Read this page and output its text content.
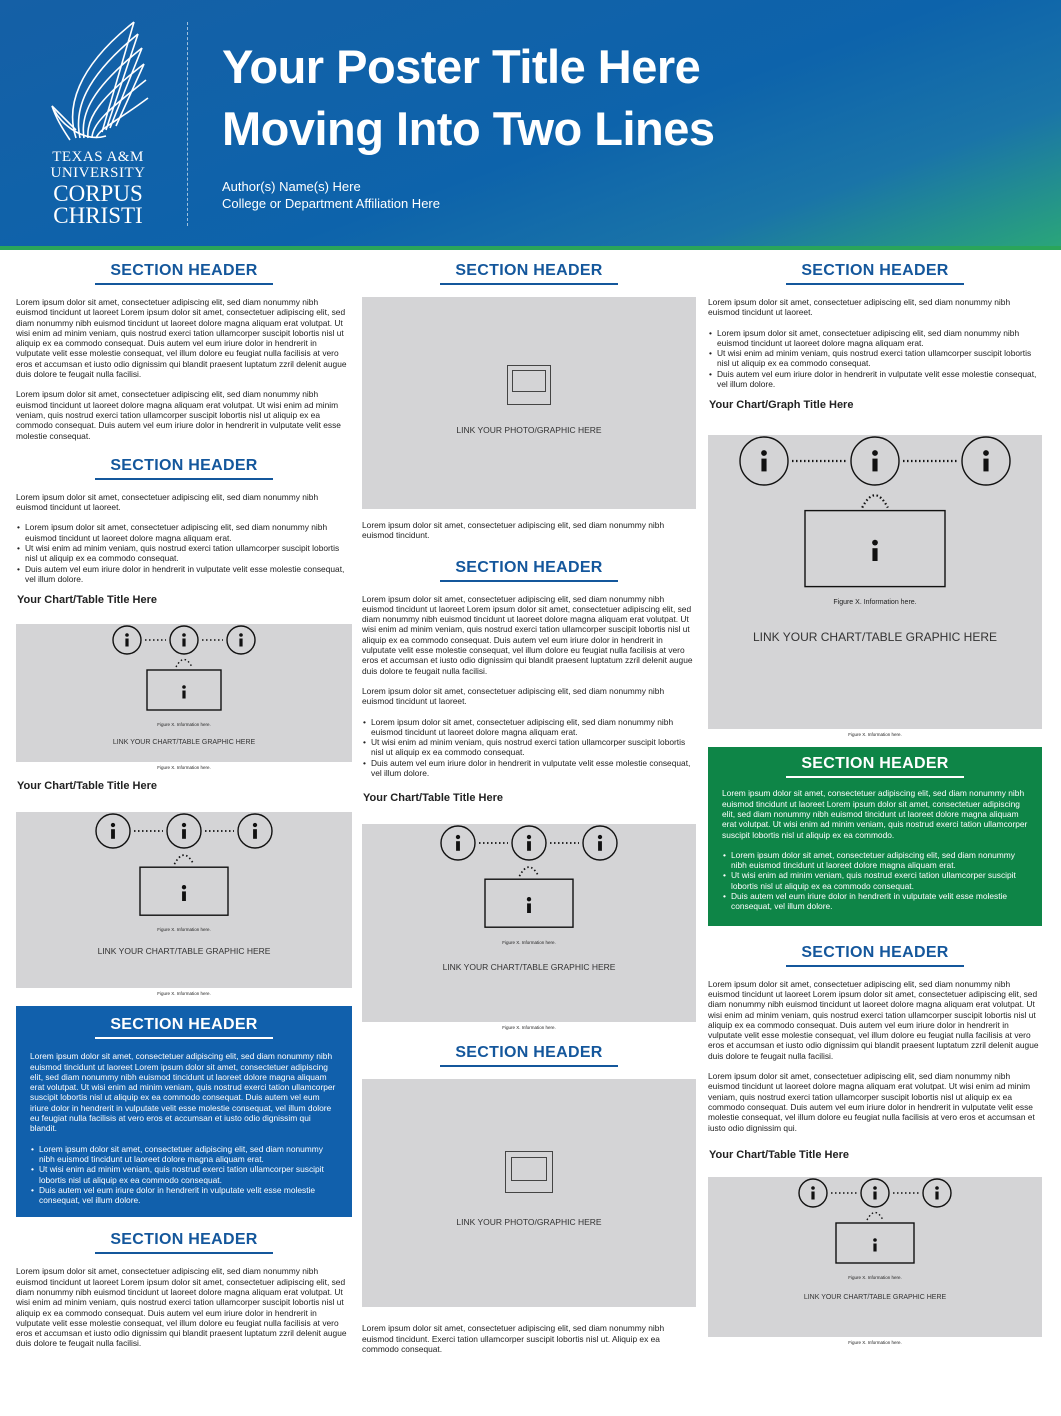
TEXAS A&M
UNIVERSITY
CORPUS
CHRISTI
Your Poster Title Here
Moving Into Two Lines
Author(s) Name(s) Here
College or Department Affiliation Here
SECTION HEADER
Lorem ipsum dolor sit amet, consectetuer adipiscing elit, sed diam nonummy nibh euismod tincidunt ut laoreet Lorem ipsum dolor sit amet, consectetuer adipiscing elit, sed diam nonummy nibh euismod tincidunt ut laoreet dolore magna aliquam erat volutpat. Ut wisi enim ad minim veniam, quis nostrud exerci tation ullamcorper suscipit lobortis nisl ut aliquip ex ea commodo consequat. Duis autem vel eum iriure dolor in hendrerit in vulputate velit esse molestie consequat, vel illum dolore eu feugiat nulla facilisis at vero eros et accumsan et iusto odio dignissim qui blandit praesent luptatum zzril delenit augue duis dolore te feugait nulla facilisi.
Lorem ipsum dolor sit amet, consectetuer adipiscing elit, sed diam nonummy nibh euismod tincidunt ut laoreet dolore magna aliquam erat volutpat. Ut wisi enim ad minim veniam, quis nostrud exerci tation ullamcorper suscipit lobortis nisl ut aliquip ex ea commodo consequat. Duis autem vel eum iriure dolor in hendrerit in vulputate velit esse molestie consequat.
SECTION HEADER
Lorem ipsum dolor sit amet, consectetuer adipiscing elit, sed diam nonummy nibh euismod tincidunt ut laoreet.
• Lorem ipsum dolor sit amet, consectetuer adipiscing elit, sed diam nonummy nibh euismod tincidunt ut laoreet dolore magna aliquam erat.
• Ut wisi enim ad minim veniam, quis nostrud exerci tation ullamcorper suscipit lobortis nisl ut aliquip ex ea commodo consequat.
• Duis autem vel eum iriure dolor in hendrerit in vulputate velit esse molestie consequat, vel illum dolore.
Your Chart/Table Title Here
Figure X. Information here.
LINK YOUR CHART/TABLE GRAPHIC HERE
Figure X. Information here.
Your Chart/Table Title Here
Figure X. Information here.
LINK YOUR CHART/TABLE GRAPHIC HERE
Figure X. Information here.
SECTION HEADER
Lorem ipsum dolor sit amet, consectetuer adipiscing elit, sed diam nonummy nibh euismod tincidunt ut laoreet Lorem ipsum dolor sit amet, consectetuer adipiscing elit, sed diam nonummy nibh euismod tincidunt ut laoreet dolore magna aliquam erat volutpat. Ut wisi enim ad minim veniam, quis nostrud exerci tation ullamcorper suscipit lobortis nisl ut aliquip ex ea commodo consequat. Duis autem vel eum iriure dolor in hendrerit in vulputate velit esse molestie consequat, vel illum dolore eu feugiat nulla facilisis at vero eros et accumsan et iusto odio dignissim qui blandit.
• Lorem ipsum dolor sit amet, consectetuer adipiscing elit, sed diam nonummy nibh euismod tincidunt ut laoreet dolore magna aliquam erat.
• Ut wisi enim ad minim veniam, quis nostrud exerci tation ullamcorper suscipit lobortis nisl ut aliquip ex ea commodo consequat.
• Duis autem vel eum iriure dolor in hendrerit in vulputate velit esse molestie consequat, vel illum dolore.
SECTION HEADER
Lorem ipsum dolor sit amet, consectetuer adipiscing elit, sed diam nonummy nibh euismod tincidunt ut laoreet Lorem ipsum dolor sit amet, consectetuer adipiscing elit, sed diam nonummy nibh euismod tincidunt ut laoreet dolore magna aliquam erat volutpat. Ut wisi enim ad minim veniam, quis nostrud exerci tation ullamcorper suscipit lobortis nisl ut aliquip ex ea commodo consequat. Duis autem vel eum iriure dolor in hendrerit in vulputate velit esse molestie consequat, vel illum dolore eu feugiat nulla facilisis at vero eros et accumsan et iusto odio dignissim qui blandit praesent luptatum zzril delenit augue duis dolore te feugait nulla facilisi.
SECTION HEADER
LINK YOUR PHOTO/GRAPHIC HERE
Lorem ipsum dolor sit amet, consectetuer adipiscing elit, sed diam nonummy nibh euismod tincidunt.
SECTION HEADER
Lorem ipsum dolor sit amet, consectetuer adipiscing elit, sed diam nonummy nibh euismod tincidunt ut laoreet Lorem ipsum dolor sit amet, consectetuer adipiscing elit, sed diam nonummy nibh euismod tincidunt ut laoreet dolore magna aliquam erat volutpat. Ut wisi enim ad minim veniam, quis nostrud exerci tation ullamcorper suscipit lobortis nisl ut aliquip ex ea commodo consequat. Duis autem vel eum iriure dolor in hendrerit in vulputate velit esse molestie consequat, vel illum dolore eu feugiat nulla facilisis at vero eros et accumsan et iusto odio dignissim qui blandit praesent luptatum zzril delenit augue duis dolore te feugait nulla facilisi.
Lorem ipsum dolor sit amet, consectetuer adipiscing elit, sed diam nonummy nibh euismod tincidunt ut laoreet.
• Lorem ipsum dolor sit amet, consectetuer adipiscing elit, sed diam nonummy nibh euismod tincidunt ut laoreet dolore magna aliquam erat.
• Ut wisi enim ad minim veniam, quis nostrud exerci tation ullamcorper suscipit lobortis nisl ut aliquip ex ea commodo consequat.
• Duis autem vel eum iriure dolor in hendrerit in vulputate velit esse molestie consequat, vel illum dolore.
Your Chart/Table Title Here
Figure X. Information here.
LINK YOUR CHART/TABLE GRAPHIC HERE
Figure X. Information here.
SECTION HEADER
LINK YOUR PHOTO/GRAPHIC HERE
Lorem ipsum dolor sit amet, consectetuer adipiscing elit, sed diam nonummy nibh euismod tincidunt. Exerci tation ullamcorper suscipit lobortis nisl ut. Aliquip ex ea commodo consequat.
SECTION HEADER
Lorem ipsum dolor sit amet, consectetuer adipiscing elit, sed diam nonummy nibh euismod tincidunt ut laoreet.
• Lorem ipsum dolor sit amet, consectetuer adipiscing elit, sed diam nonummy nibh euismod tincidunt ut laoreet dolore magna aliquam erat.
• Ut wisi enim ad minim veniam, quis nostrud exerci tation ullamcorper suscipit lobortis nisl ut aliquip ex ea commodo consequat.
• Duis autem vel eum iriure dolor in hendrerit in vulputate velit esse molestie consequat, vel illum dolore.
Your Chart/Graph Title Here
Figure X. Information here.
LINK YOUR CHART/TABLE GRAPHIC HERE
Figure X. Information here.
SECTION HEADER
Lorem ipsum dolor sit amet, consectetuer adipiscing elit, sed diam nonummy nibh euismod tincidunt ut laoreet Lorem ipsum dolor sit amet, consectetuer adipiscing elit, sed diam nonummy nibh euismod tincidunt ut laoreet dolore magna aliquam erat volutpat. Ut wisi enim ad minim veniam, quis nostrud exerci tation ullamcorper suscipit lobortis nisl ut aliquip ex ea commodo.
• Lorem ipsum dolor sit amet, consectetuer adipiscing elit, sed diam nonummy nibh euismod tincidunt ut laoreet dolore magna aliquam erat.
• Ut wisi enim ad minim veniam, quis nostrud exerci tation ullamcorper suscipit lobortis nisl ut aliquip ex ea commodo consequat.
• Duis autem vel eum iriure dolor in hendrerit in vulputate velit esse molestie consequat, vel illum dolore.
SECTION HEADER
Lorem ipsum dolor sit amet, consectetuer adipiscing elit, sed diam nonummy nibh euismod tincidunt ut laoreet Lorem ipsum dolor sit amet, consectetuer adipiscing elit, sed diam nonummy nibh euismod tincidunt ut laoreet dolore magna aliquam erat volutpat. Ut wisi enim ad minim veniam, quis nostrud exerci tation ullamcorper suscipit lobortis nisl ut aliquip ex ea commodo consequat. Duis autem vel eum iriure dolor in hendrerit in vulputate velit esse molestie consequat, vel illum dolore eu feugiat nulla facilisis at vero eros et accumsan et iusto odio dignissim qui blandit praesent luptatum zzril delenit augue duis dolore te feugait nulla facilisi.
Lorem ipsum dolor sit amet, consectetuer adipiscing elit, sed diam nonummy nibh euismod tincidunt ut laoreet dolore magna aliquam erat volutpat. Ut wisi enim ad minim veniam, quis nostrud exerci tation ullamcorper suscipit lobortis nisl ut aliquip ex ea commodo consequat. Duis autem vel eum iriure dolor in hendrerit in vulputate velit esse molestie consequat, vel illum dolore eu feugiat nulla facilisis at vero eros et accumsan et iusto odio dignissim qui.
Your Chart/Table Title Here
Figure X. Information here.
LINK YOUR CHART/TABLE GRAPHIC HERE
Figure X. Information here.
